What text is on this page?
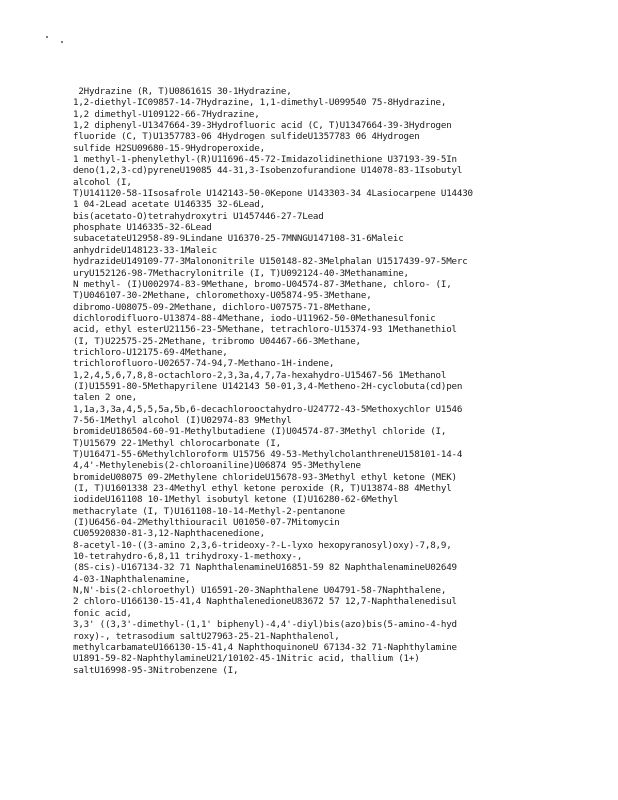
2Hydrazine (R, T)U086161S 30-1Hydrazine,
1,2-diethyl-IC09857-14-7Hydrazine, 1,1-dimethyl-U099540 75-8Hydrazine,
1,2 dimethyl-U109122-66-7Hydrazine,
1,2 diphenyl-U1347664-39-3Hydrofluoric acid (C, T)U1347664-39-3Hydrogen
fluoride (C, T)U1357783-06 4Hydrogen sulfideU1357783 06 4Hydrogen
sulfide H2SU09680-15-9Hydroperoxide,
1 methyl-1-phenylethyl-(R)U11696-45-72-Imidazolidinethione U37193-39-5In
deno(1,2,3-cd)pyreneU19085 44-31,3-Isobenzofurandione U14078-83-1Isobutyl
alcohol (I,
T)U141120-58-1Isosafrole U142143-50-0Kepone U143303-34 4Lasiocarpene U14430
1 04-2Lead acetate U146335 32-6Lead,
bis(acetato-O)tetrahydroxytri U1457446-27-7Lead
phosphate U146335-32-6Lead
subacetateU12958-89-9Lindane U16370-25-7MNNGU147108-31-6Maleic
anhydrideU148123-33-1Maleic
hydrazideU149109-77-3Malononitrile U150148-82-3Melphalan U1517439-97-5Merc
uryU152126-98-7Methacrylonitrile (I, T)U092124-40-3Methanamine,
N methyl- (I)U002974-83-9Methane, bromo-U04574-87-3Methane, chloro- (I,
T)U046107-30-2Methane, chloromethoxy-U05874-95-3Methane,
dibromo-U08075-09-2Methane, dichloro-U07575-71-8Methane,
dichlorodifluoro-U13874-88-4Methane, iodo-U11962-50-0Methanesulfonic
acid, ethyl esterU21156-23-5Methane, tetrachloro-U15374-93 1Methanethiol
(I, T)U22575-25-2Methane, tribromo U04467-66-3Methane,
trichloro-U12175-69-4Methane,
trichlorofluoro-U02657-74-94,7-Methano-1H-indene,
1,2,4,5,6,7,8,8-octachloro-2,3,3a,4,7,7a-hexahydro-U15467-56 1Methanol
(I)U15591-80-5Methapyrilene U142143 50-01,3,4-Metheno-2H-cyclobuta(cd)pen
talen 2 one,
1,1a,3,3a,4,5,5,5a,5b,6-decachlorooctahydro-U24772-43-5Methoxychlor U1546
7-56-1Methyl alcohol (I)U02974-83 9Methyl
bromideU186504-60-91-Methylbutadiene (I)U04574-87-3Methyl chloride (I,
T)U15679 22-1Methyl chlorocarbonate (I,
T)U16471-55-6Methylchloroform U15756 49-53-MethylcholanthreneU158101-14-4
4,4'-Methylenebis(2-chloroaniline)U06874 95-3Methylene
bromideU08075 09-2Methylene chlorideU15678-93-3Methyl ethyl ketone (MEK)
(I, T)U1601338 23-4Methyl ethyl ketone peroxide (R, T)U13874-88 4Methyl
iodideU161108 10-1Methyl isobutyl ketone (I)U16280-62-6Methyl
methacrylate (I, T)U161108-10-14-Methyl-2-pentanone
(I)U6456-04-2Methylthiouracil U01050-07-7Mitomycin
CU05920830-81-3,12-Naphthacenedione,
8-acetyl-10-((3-amino 2,3,6-trideoxy-?-L-lyxo hexopyranosyl)oxy)-7,8,9,
10-tetrahydro-6,8,11 trihydroxy-1-methoxy-,
(8S-cis)-U167134-32 71 NaphthalenamineU16851-59 82 NaphthalenamineU02649
4-03-1Naphthalenamine,
N,N'-bis(2-chloroethyl) U16591-20-3Naphthalene U04791-58-7Naphthalene,
2 chloro-U166130-15-41,4 NaphthalenedioneU83672 57 12,7-Naphthalenedisul
fonic acid,
3,3' ((3,3'-dimethyl-(1,1' biphenyl)-4,4'-diyl)bis(azo)bis(5-amino-4-hyd
roxy)-, tetrasodium saltU27963-25-21-Naphthalenol,
methylcarbamateU166130-15-41,4 NaphthoquinoneU 67134-32 71-Naphthylamine
U1891-59-82-NaphthylamineU21/10102-45-1Nitric acid, thallium (1+)
saltU16998-95-3Nitrobenzene (I,
